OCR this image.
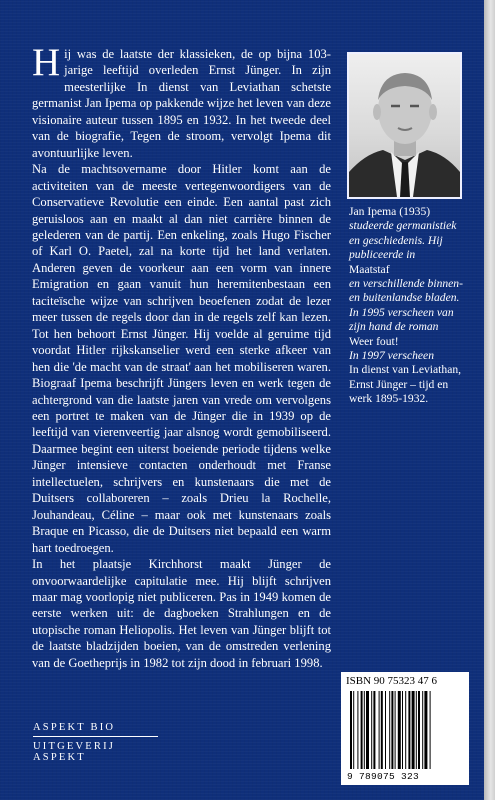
Hij was de laatste der klassieken, de op bijna 103-jarige leeftijd overleden Ernst Jünger. In zijn meesterlijke In dienst van Leviathan schetste germanist Jan Ipema op pakkende wijze het leven van deze visionaire auteur tussen 1895 en 1932. In het tweede deel van de biografie, Tegen de stroom, vervolgt Ipema dit avontuurlijke leven.

Na de machtsovername door Hitler komt aan de activiteiten van de meeste vertegenwoordigers van de Conservatieve Revolutie een einde. Een aantal past zich geruisloos aan en maakt al dan niet carrière binnen de gelederen van de partij. Een enkeling, zoals Hugo Fischer of Karl O. Paetel, zal na korte tijd het land verlaten. Anderen geven de voorkeur aan een vorm van innere Emigration en gaan vanuit hun heremitenbestaan een taciteïsche wijze van schrijven beoefenen zodat de lezer meer tussen de regels door dan in de regels zelf kan lezen. Tot hen behoort Ernst Jünger. Hij voelde al geruime tijd voordat Hitler rijkskanselier werd een sterke afkeer van hen die 'de macht van de straat' aan het mobiliseren waren. Biograaf Ipema beschrijft Jüngers leven en werk tegen de achtergrond van die laatste jaren van vrede om vervolgens een portret te maken van de Jünger die in 1939 op de leeftijd van vierenveertig jaar alsnog wordt gemobiliseerd. Daarmee begint een uiterst boeiende periode tijdens welke Jünger intensieve contacten onderhoudt met Franse intellectuelen, schrijvers en kunstenaars die met de Duitsers collaboreren – zoals Drieu la Rochelle, Jouhandeau, Céline – maar ook met kunstenaars zoals Braque en Picasso, die de Duitsers niet bepaald een warm hart toedroegen.

In het plaatsje Kirchhorst maakt Jünger de onvoorwaardelijke capitulatie mee. Hij blijft schrijven maar mag voorlopig niet publiceren. Pas in 1949 komen de eerste werken uit: de dagboeken Strahlungen en de utopische roman Heliopolis. Het leven van Jünger blijft tot de laatste bladzijden boeien, van de omstreden verlening van de Goetheprijs in 1982 tot zijn dood in februari 1998.

Jan Ipema (1935)
studeerde germanistiek en geschiedenis. Hij publiceerde in
Maatstaf
en verschillende binnen- en buitenlandse bladen. In 1995 verscheen van zijn hand de roman
Weer fout!
In 1997 verscheen
In dienst van Leviathan, Ernst Jünger – tijd en werk 1895-1932.
ISBN 90 75323 47 6
9 789075 323
ASPEKT BIO
UITGEVERIJ ASPEKT
